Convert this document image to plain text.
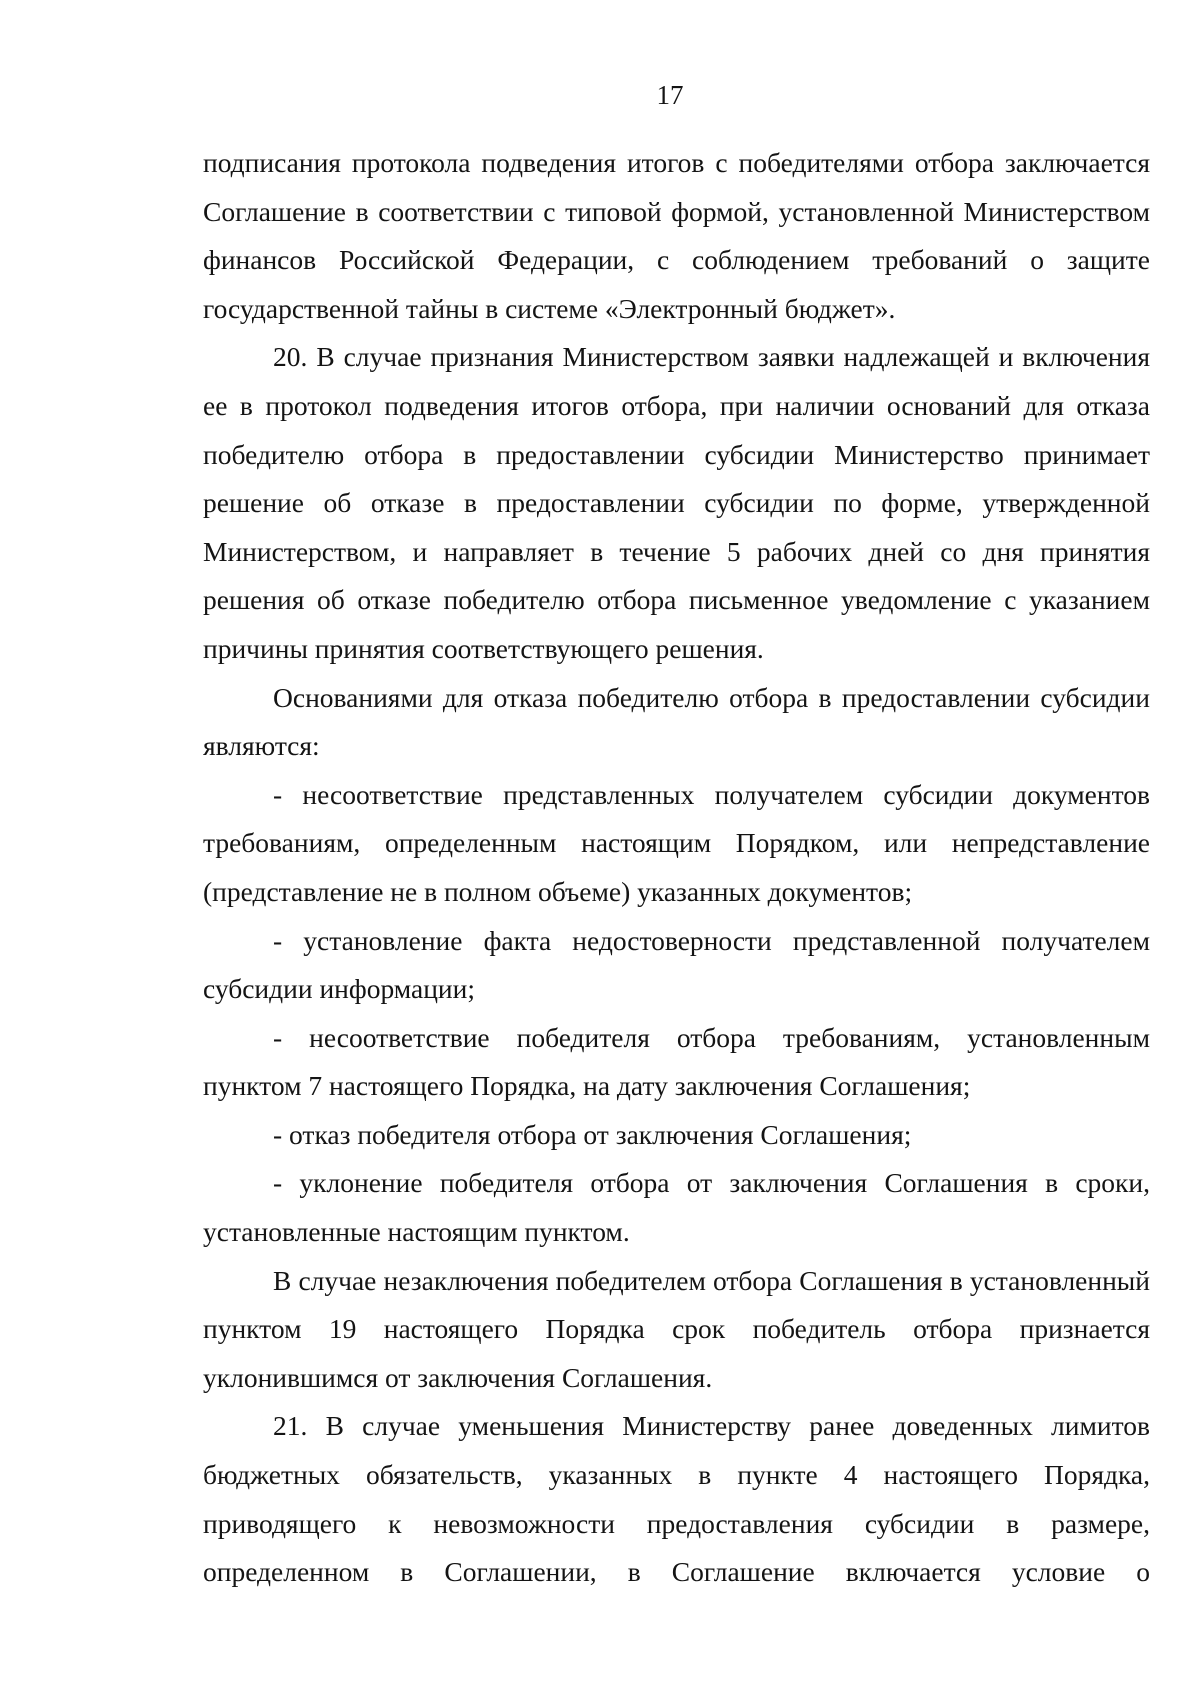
17

подписания протокола подведения итогов с победителями отбора заключается Соглашение в соответствии с типовой формой, установленной Министерством финансов Российской Федерации, с соблюдением требований о защите государственной тайны в системе «Электронный бюджет».

20. В случае признания Министерством заявки надлежащей и включения ее в протокол подведения итогов отбора, при наличии оснований для отказа победителю отбора в предоставлении субсидии Министерство принимает решение об отказе в предоставлении субсидии по форме, утвержденной Министерством, и направляет в течение 5 рабочих дней со дня принятия решения об отказе победителю отбора письменное уведомление с указанием причины принятия соответствующего решения.

Основаниями для отказа победителю отбора в предоставлении субсидии являются:

- несоответствие представленных получателем субсидии документов требованиям, определенным настоящим Порядком, или непредставление (представление не в полном объеме) указанных документов;

- установление факта недостоверности представленной получателем субсидии информации;

- несоответствие победителя отбора требованиям, установленным пунктом 7 настоящего Порядка, на дату заключения Соглашения;

- отказ победителя отбора от заключения Соглашения;

- уклонение победителя отбора от заключения Соглашения в сроки, установленные настоящим пунктом.

В случае незаключения победителем отбора Соглашения в установленный пунктом 19 настоящего Порядка срок победитель отбора признается уклонившимся от заключения Соглашения.

21. В случае уменьшения Министерству ранее доведенных лимитов бюджетных обязательств, указанных в пункте 4 настоящего Порядка, приводящего к невозможности предоставления субсидии в размере, определенном в Соглашении, в Соглашение включается условие о
